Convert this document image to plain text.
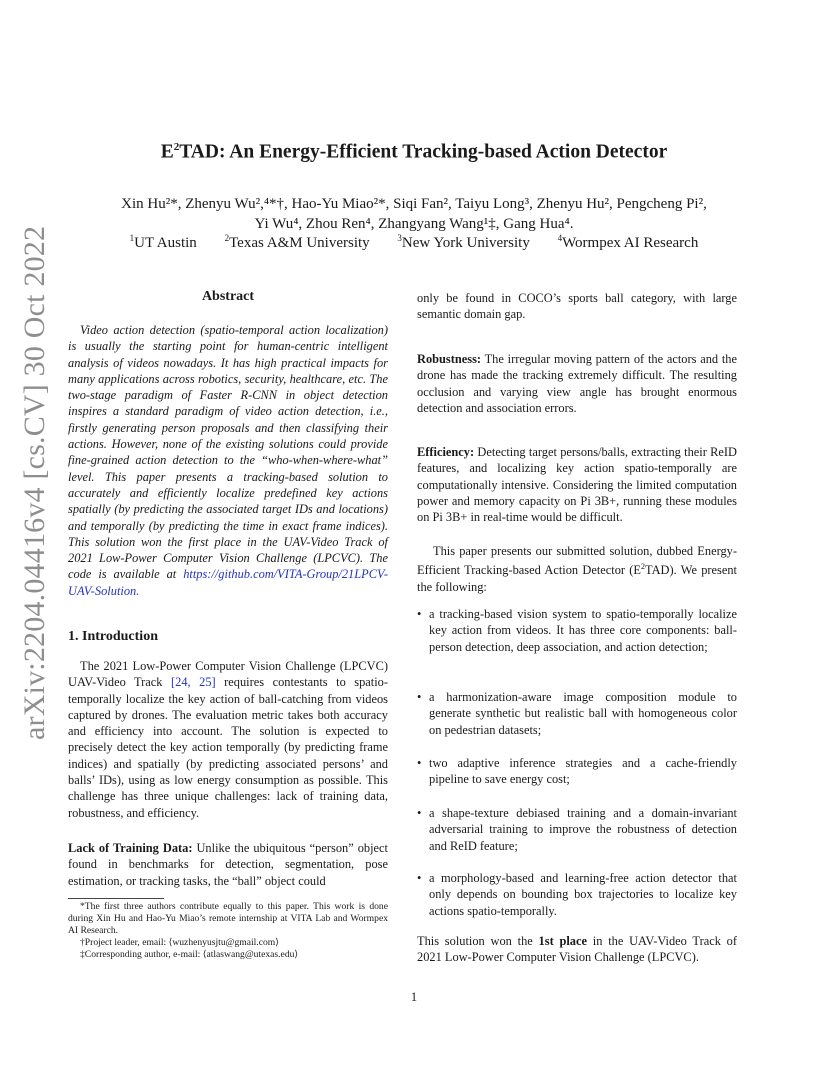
arXiv:2204.04416v4 [cs.CV] 30 Oct 2022
$E^2TAD$: An Energy-Efficient Tracking-based Action Detector
Xin Hu²*, Zhenyu Wu²,⁴*†, Hao-Yu Miao²*, Siqi Fan², Taiyu Long³, Zhenyu Hu², Pengcheng Pi²,
Yi Wu⁴, Zhou Ren⁴, Zhangyang Wang¹‡, Gang Hua⁴.
$^1$UT Austin	$^2$Texas A&M University	$^3$New York University	$^4$Wormpex AI Research
Abstract
Video action detection (spatio-temporal action localization) is usually the starting point for human-centric intelligent analysis of videos nowadays. It has high practical impacts for many applications across robotics, security, healthcare, etc. The two-stage paradigm of Faster R-CNN in object detection inspires a standard paradigm of video action detection, i.e., firstly generating person proposals and then classifying their actions. However, none of the existing solutions could provide fine-grained action detection to the “who-when-where-what” level. This paper presents a tracking-based solution to accurately and efficiently localize predefined key actions spatially (by predicting the associated target IDs and locations) and temporally (by predicting the time in exact frame indices). This solution won the first place in the UAV-Video Track of 2021 Low-Power Computer Vision Challenge (LPCVC). The code is available at https://github.com/VITA-Group/21LPCV-UAV-Solution.
1. Introduction
The 2021 Low-Power Computer Vision Challenge (LPCVC) UAV-Video Track [24, 25] requires contestants to spatio-temporally localize the key action of ball-catching from videos captured by drones. The evaluation metric takes both accuracy and efficiency into account. The solution is expected to precisely detect the key action temporally (by predicting frame indices) and spatially (by predicting associated persons’ and balls’ IDs), using as low energy consumption as possible. This challenge has three unique challenges: lack of training data, robustness, and efficiency.
Lack of Training Data: Unlike the ubiquitous “person” object found in benchmarks for detection, segmentation, pose estimation, or tracking tasks, the “ball” object could

*The first three authors contribute equally to this paper. This work is done during Xin Hu and Hao-Yu Miao’s remote internship at VITA Lab and Wormpex AI Research.

†Project leader, email: ⟨wuzhenyusjtu@gmail.com⟩

‡Corresponding author, e-mail: ⟨atlaswang@utexas.edu⟩

only be found in COCO’s sports ball category, with large semantic domain gap.
Robustness: The irregular moving pattern of the actors and the drone has made the tracking extremely difficult. The resulting occlusion and varying view angle has brought enormous detection and association errors.
Efficiency: Detecting target persons/balls, extracting their ReID features, and localizing key action spatio-temporally are computationally intensive. Considering the limited computation power and memory capacity on Pi 3B+, running these modules on Pi 3B+ in real-time would be difficult.
This paper presents our submitted solution, dubbed Energy-Efficient Tracking-based Action Detector $(E^2TAD)$. We present the following:
• a tracking-based vision system to spatio-temporally localize key action from videos. It has three core components: ball-person detection, deep association, and action detection;
• a harmonization-aware image composition module to generate synthetic but realistic ball with homogeneous color on pedestrian datasets;
• two adaptive inference strategies and a cache-friendly pipeline to save energy cost;
• a shape-texture debiased training and a domain-invariant adversarial training to improve the robustness of detection and ReID feature;
• a morphology-based and learning-free action detector that only depends on bounding box trajectories to localize key actions spatio-temporally.
This solution won the 1st place in the UAV-Video Track of 2021 Low-Power Computer Vision Challenge (LPCVC).
1
